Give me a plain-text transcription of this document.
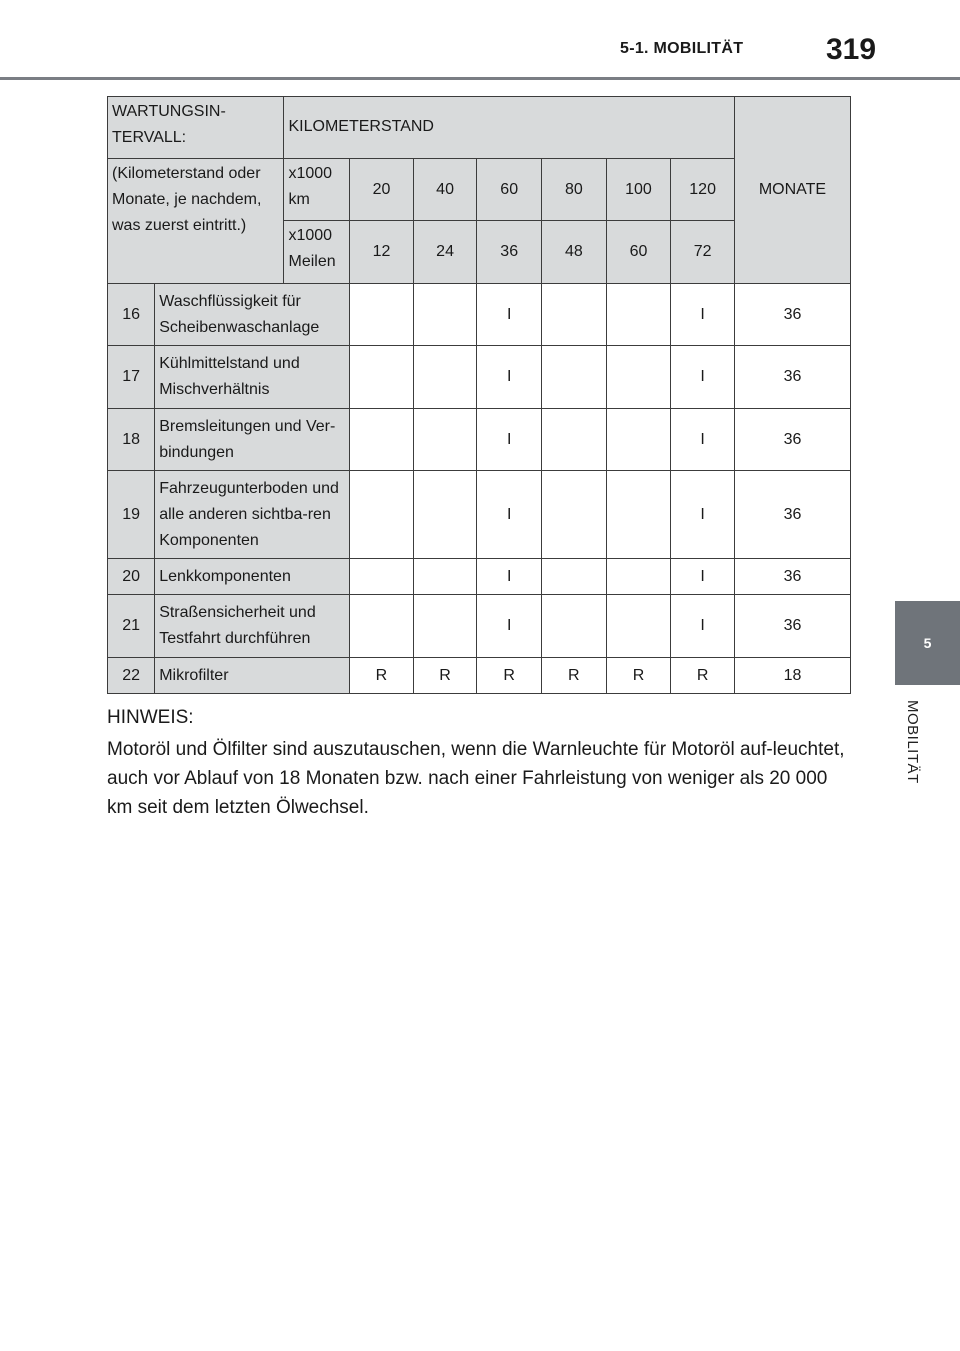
5-1. MOBILITÄT	319
5
MOBILITÄT
WARTUNGSIN-TERVALL:		KILOMETERSTAND							MONATE
(Kilometerstand oder Monate, je nachdem, was zuerst eintritt.)		x1000 km	20	40	60	80	100	120	
		x1000 Meilen	12	24	36	48	60	72	
16	Waschflüssigkeit für Scheibenwaschanlage				I			I	36
17	Kühlmittelstand und Mischverhältnis				I			I	36
18	Bremsleitungen und Ver-bindungen				I			I	36
19	Fahrzeugunterboden und alle anderen sichtba-ren Komponenten				I			I	36
20	Lenkkomponenten				I			I	36
21	Straßensicherheit und Testfahrt durchführen				I			I	36
22	Mikrofilter		R	R	R	R	R	R	18
HINWEIS:
Motoröl und Ölfilter sind auszutauschen, wenn die Warnleuchte für Motoröl auf-leuchtet, auch vor Ablauf von 18 Monaten bzw. nach einer Fahrleistung von weniger als 20 000 km seit dem letzten Ölwechsel.
